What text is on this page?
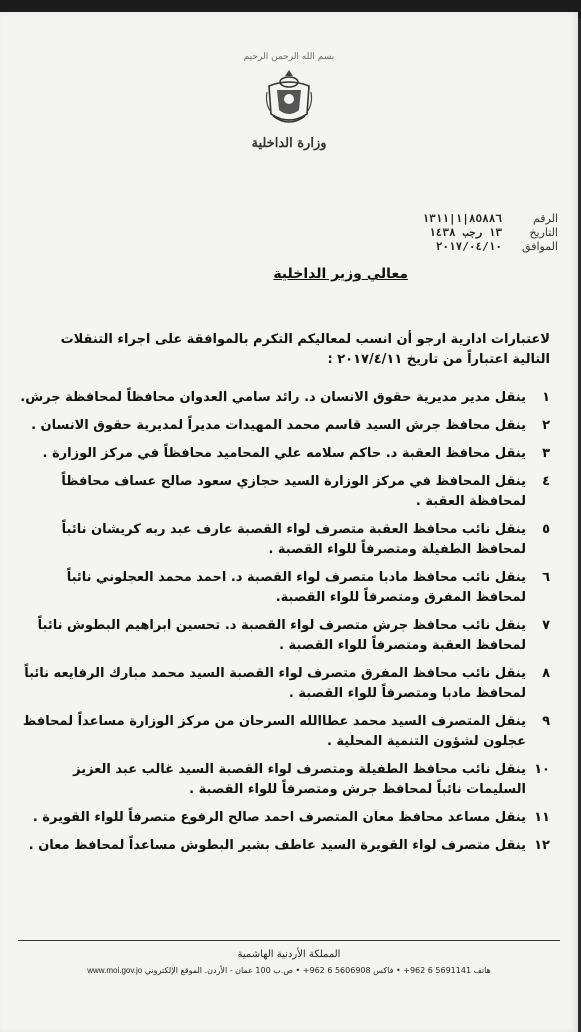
بسم الله الرحمن الرحيم
وزارة الداخلية
الرقم
٨٥٨٨٦|١|١٣١١
التاريخ
١٣ رجب ١٤٣٨
الموافق
٢٠١٧/٠٤/١٠
معالي وزير الداخلية

لاعتبارات ادارية ارجو أن انسب لمعاليكم التكرم بالموافقة على اجراء التنقلات التالية اعتباراً من تاريخ ٢٠١٧/٤/١١ :

١
ينقل مدير مديرية حقوق الانسان د. رائد سامي العدوان محافظاً لمحافظة جرش.
٢
ينقل محافظ جرش السيد قاسم محمد المهيدات مديراً لمديرية حقوق الانسان .
٣
ينقل محافظ العقبة د. حاكم سلامه علي المحاميد محافظاً في مركز الوزارة .
٤
ينقل المحافظ في مركز الوزارة السيد حجازي سعود صالح عساف محافظاً لمحافظة العقبة .
٥
ينقل نائب محافظ العقبة متصرف لواء القصبة عارف عبد ربه كريشان نائباً لمحافظ الطفيلة ومتصرفاً للواء القصبة .
٦
ينقل نائب محافظ مادبا متصرف لواء القصبة د. احمد محمد العجلوني نائباً لمحافظ المفرق ومتصرفاً للواء القصبة.
٧
ينقل نائب محافظ جرش متصرف لواء القصبة د. تحسين ابراهيم البطوش نائباً لمحافظ العقبة ومتصرفاً للواء القصبة .
٨
ينقل نائب محافظ المفرق متصرف لواء القصبة السيد محمد مبارك الرفايعه نائباً لمحافظ مادبا ومتصرفاً للواء القصبة .
٩
ينقل المتصرف السيد محمد عطاالله السرحان من مركز الوزارة مساعداً لمحافظ عجلون لشؤون التنمية المحلية .
١٠
ينقل نائب محافظ الطفيلة ومتصرف لواء القصبة السيد غالب عبد العزيز السليمات نائباً لمحافظ جرش ومتصرفاً للواء القصبة .
١١
ينقل مساعد محافظ معان المتصرف احمد صالح الرفوع متصرفاً للواء القويرة .
١٢
ينقل متصرف لواء القويرة السيد عاطف بشير البطوش مساعداً لمحافظ معان .
المملكة الأردنية الهاشمية
هاتف 5691141 6 962+ • فاكس 5606908 6 962+ • ص.ب 100 عمان - الأردن. الموقع الإلكتروني www.moi.gov.jo
